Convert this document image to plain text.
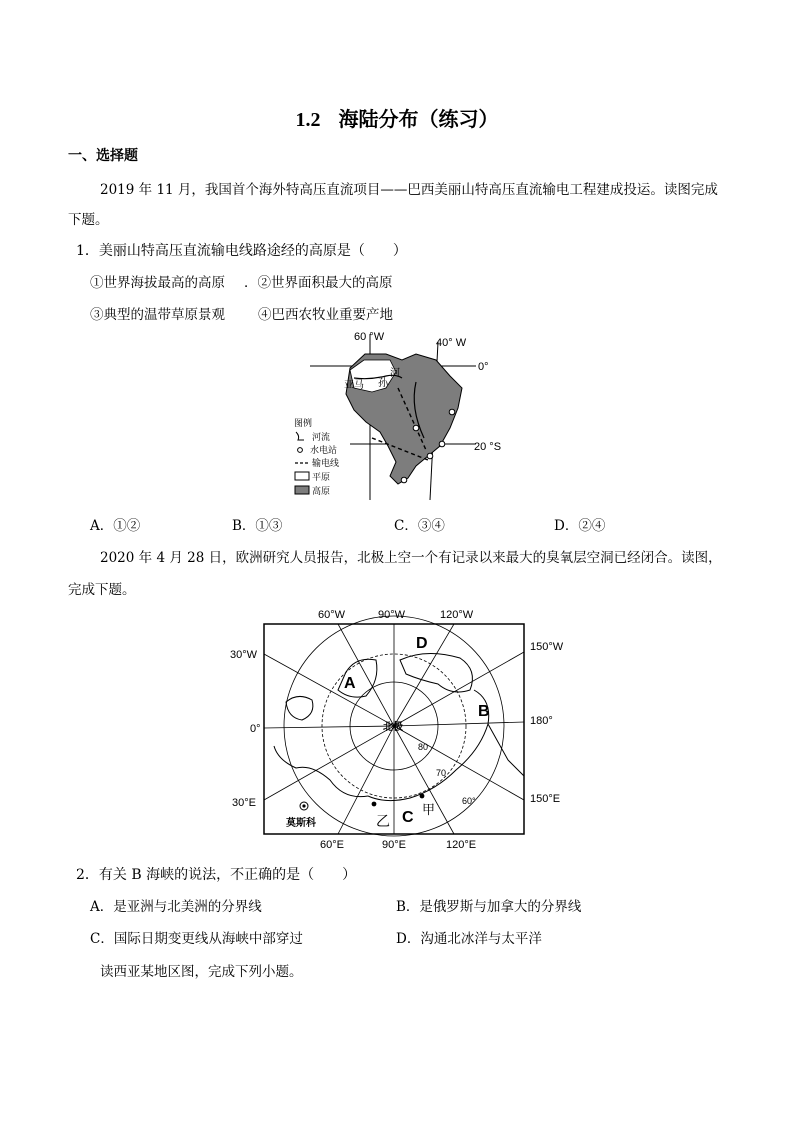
1.2 海陆分布（练习）
一、选择题
2019 年 11 月，我国首个海外特高压直流项目——巴西美丽山特高压直流输电工程建成投运。读图完成
下题。
1．美丽山特高压直流输电线路途经的高原是（　　）
①世界海拔最高的高原 ．②世界面积最大的高原
③典型的温带草原景观 ④巴西农牧业重要产地
60 °W	40° W
0°
20 °S
亚马 孙
河
图例
河流
水电站
输电线
平原
高原
A．①②	B．①③	C．③④	D．②④
2020 年 4 月 28 日，欧洲研究人员报告，北极上空一个有记录以来最大的臭氧层空洞已经闭合。读图，
完成下题。
60°W	90°W	120°W
60°E	90°E	120°E
30°W
0°
30°E
150°W
180°
150°E
北极
80
70
60°
A
B
C
D
甲
乙
莫斯科
2．有关 B 海峡的说法，不正确的是（　　）
A．是亚洲与北美洲的分界线	B．是俄罗斯与加拿大的分界线
C．国际日期变更线从海峡中部穿过	D．沟通北冰洋与太平洋
读西亚某地区图，完成下列小题。
